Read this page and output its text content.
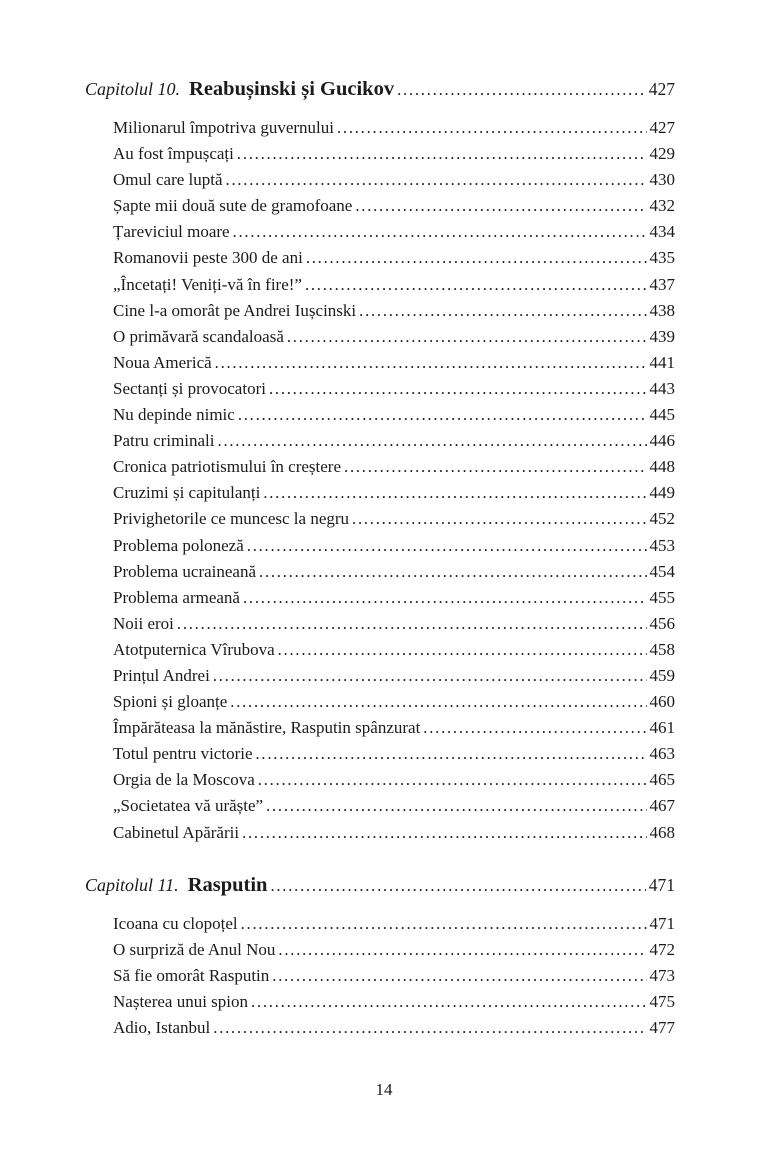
Capitolul 10. Reabușinski și Gucikov .....	427
Milionarul împotriva guvernului .....	427
Au fost împușcați .....	429
Omul care luptă .....	430
Șapte mii două sute de gramofoane .....	432
Țareviciul moare .....	434
Romanovii peste 300 de ani .....	435
„Încetați! Veniți-vă în fire!” .....	437
Cine l-a omorât pe Andrei Iușcinski .....	438
O primăvară scandaloasă .....	439
Noua Americă .....	441
Sectanți și provocatori .....	443
Nu depinde nimic .....	445
Patru criminali .....	446
Cronica patriotismului în creștere .....	448
Cruzimi și capitulanți .....	449
Privighetorile ce muncesc la negru .....	452
Problema poloneză .....	453
Problema ucraineană .....	454
Problema armeană .....	455
Noii eroi .....	456
Atotputernica Vîrubova .....	458
Prințul Andrei .....	459
Spioni și gloanțe .....	460
Împărăteasa la mănăstire, Rasputin spânzurat .....	461
Totul pentru victorie .....	463
Orgia de la Moscova .....	465
„Societatea vă urăște” .....	467
Cabinetul Apărării .....	468
Capitolul 11. Rasputin .....	471
Icoana cu clopoțel .....	471
O surpriză de Anul Nou .....	472
Să fie omorât Rasputin .....	473
Nașterea unui spion .....	475
Adio, Istanbul .....	477
14
